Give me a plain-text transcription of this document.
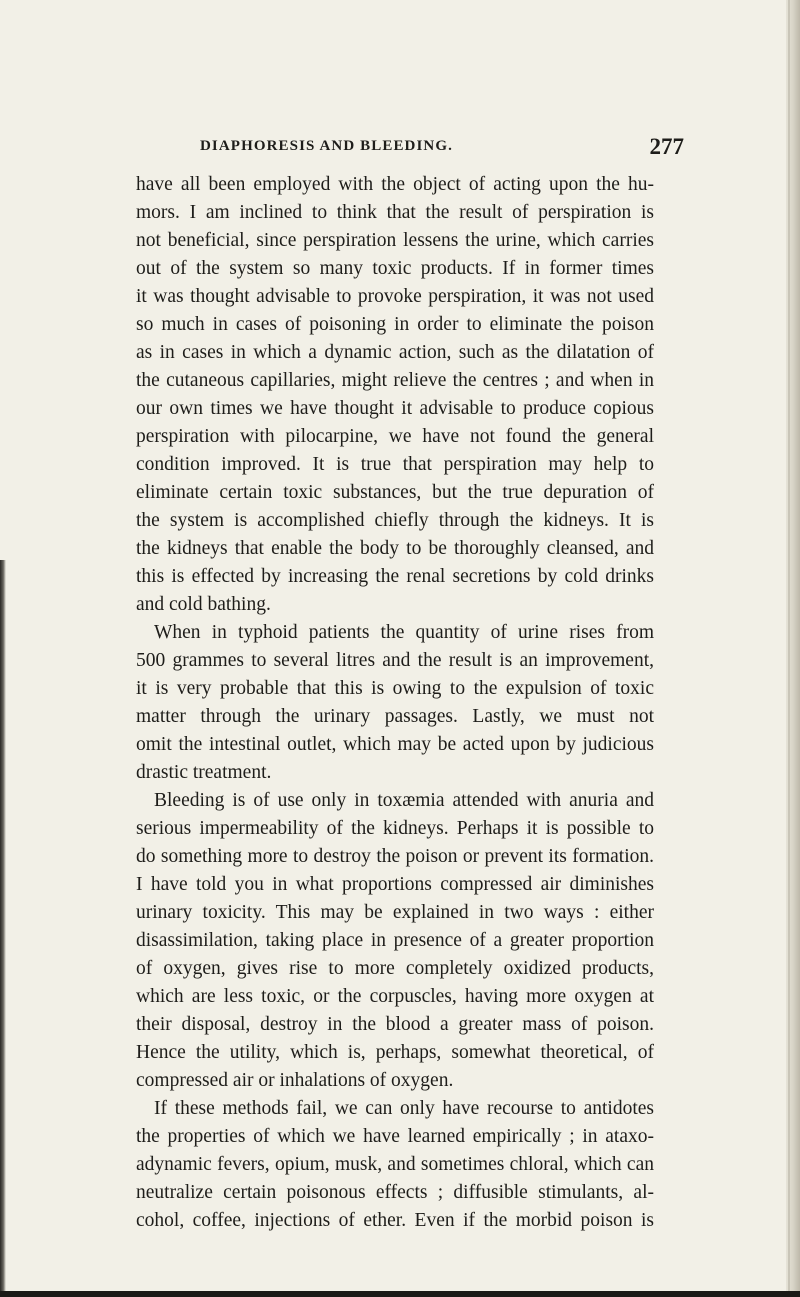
DIAPHORESIS AND BLEEDING.	277
have all been employed with the object of acting upon the hu-
mors. I am inclined to think that the result of perspiration is
not beneficial, since perspiration lessens the urine, which carries
out of the system so many toxic products. If in former times
it was thought advisable to provoke perspiration, it was not used
so much in cases of poisoning in order to eliminate the poison
as in cases in which a dynamic action, such as the dilatation of
the cutaneous capillaries, might relieve the centres ; and when in
our own times we have thought it advisable to produce copious
perspiration with pilocarpine, we have not found the general
condition improved. It is true that perspiration may help to
eliminate certain toxic substances, but the true depuration of
the system is accomplished chiefly through the kidneys. It is
the kidneys that enable the body to be thoroughly cleansed, and
this is effected by increasing the renal secretions by cold drinks
and cold bathing.
When in typhoid patients the quantity of urine rises from
500 grammes to several litres and the result is an improvement,
it is very probable that this is owing to the expulsion of toxic
matter through the urinary passages. Lastly, we must not
omit the intestinal outlet, which may be acted upon by judicious
drastic treatment.
Bleeding is of use only in toxæmia attended with anuria and
serious impermeability of the kidneys. Perhaps it is possible to
do something more to destroy the poison or prevent its formation.
I have told you in what proportions compressed air diminishes
urinary toxicity. This may be explained in two ways : either
disassimilation, taking place in presence of a greater proportion
of oxygen, gives rise to more completely oxidized products,
which are less toxic, or the corpuscles, having more oxygen at
their disposal, destroy in the blood a greater mass of poison.
Hence the utility, which is, perhaps, somewhat theoretical, of
compressed air or inhalations of oxygen.
If these methods fail, we can only have recourse to antidotes
the properties of which we have learned empirically ; in ataxo-
adynamic fevers, opium, musk, and sometimes chloral, which can
neutralize certain poisonous effects ; diffusible stimulants, al-
cohol, coffee, injections of ether. Even if the morbid poison is
